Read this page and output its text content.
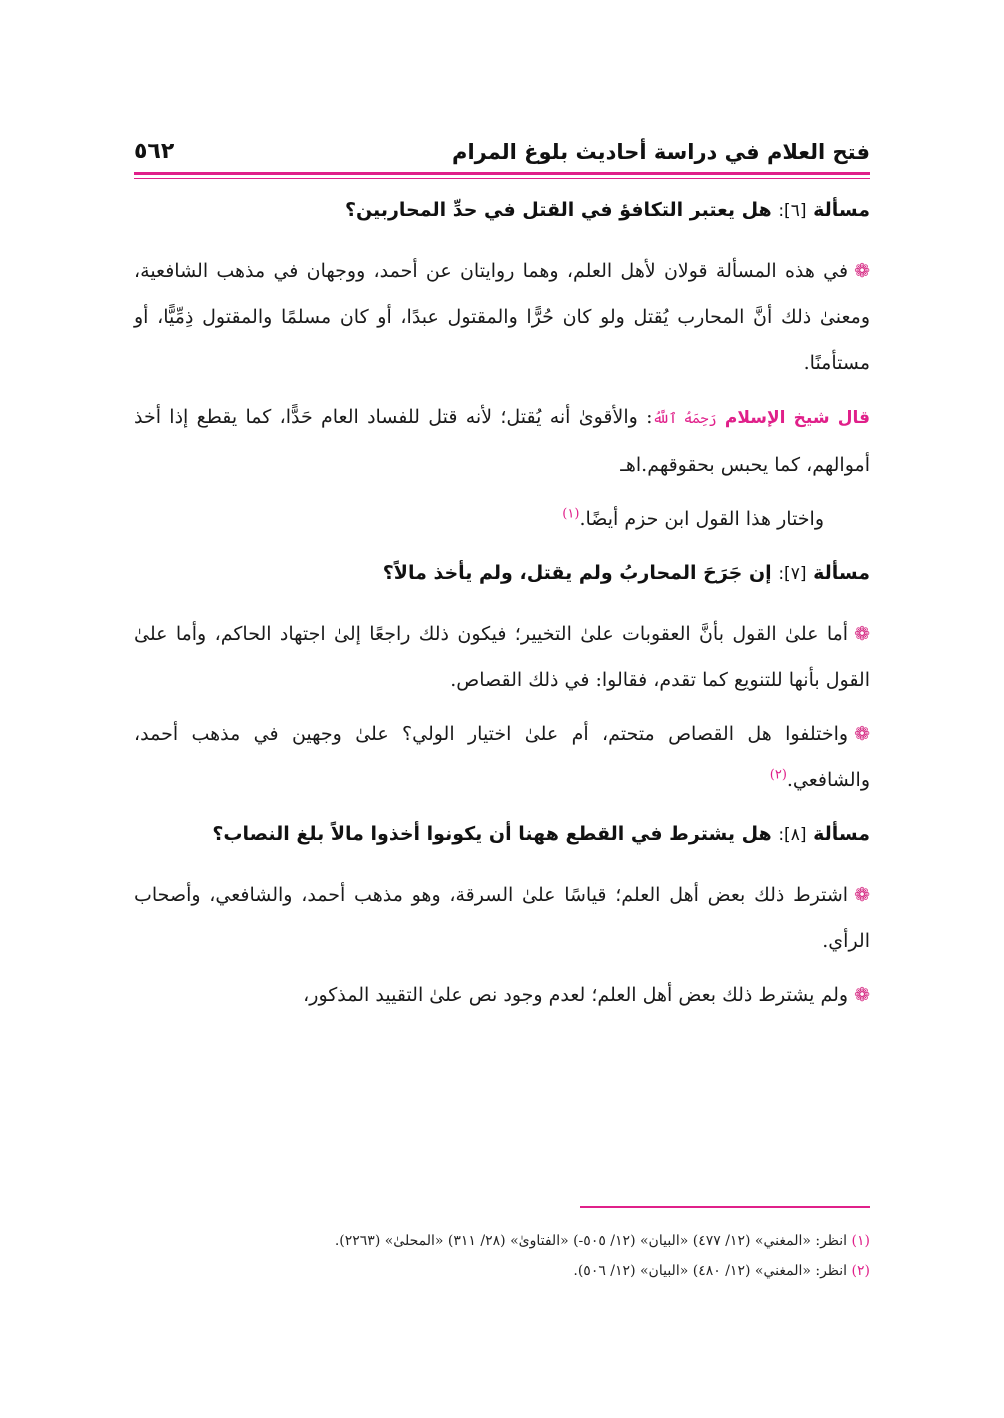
فتح العلام في دراسة أحاديث بلوغ المرام
٥٦٢
مسألة [٦]: هل يعتبر التكافؤ في القتل في حدِّ المحاربين؟

❁في هذه المسألة قولان لأهل العلم، وهما روايتان عن أحمد، ووجهان في مذهب الشافعية، ومعنىٰ ذلك أنَّ المحارب يُقتل ولو كان حُرًّا والمقتول عبدًا، أو كان مسلمًا والمقتول ذِمِّيًّا، أو مستأمنًا.

قال شيخ الإسلام رَحِمَهُ ٱللَّهُ: والأقوىٰ أنه يُقتل؛ لأنه قتل للفساد العام حَدًّا، كما يقطع إذا أخذ أموالهم، كما يحبس بحقوقهم.اهـ

واختار هذا القول ابن حزم أيضًا.$^{(١)}$

مسألة [٧]: إن جَرَحَ المحاربُ ولم يقتل، ولم يأخذ مالاً؟

❁أما علىٰ القول بأنَّ العقوبات علىٰ التخيير؛ فيكون ذلك راجعًا إلىٰ اجتهاد الحاكم، وأما علىٰ القول بأنها للتنويع كما تقدم، فقالوا: في ذلك القصاص.

❁واختلفوا هل القصاص متحتم، أم علىٰ اختيار الولي؟ علىٰ وجهين في مذهب أحمد، والشافعي.$^{(٢)}$

مسألة [٨]: هل يشترط في القطع ههنا أن يكونوا أخذوا مالاً بلغ النصاب؟

❁اشترط ذلك بعض أهل العلم؛ قياسًا علىٰ السرقة، وهو مذهب أحمد، والشافعي، وأصحاب الرأي.

❁ولم يشترط ذلك بعض أهل العلم؛ لعدم وجود نص علىٰ التقييد المذكور،

(١) انظر: «المغني» (١٢/ ٤٧٧) «البيان» (١٢/ ٥٠٥-) «الفتاوىٰ» (٢٨/ ٣١١) «المحلىٰ» (٢٢٦٣).
(٢) انظر: «المغني» (١٢/ ٤٨٠) «البيان» (١٢/ ٥٠٦).
